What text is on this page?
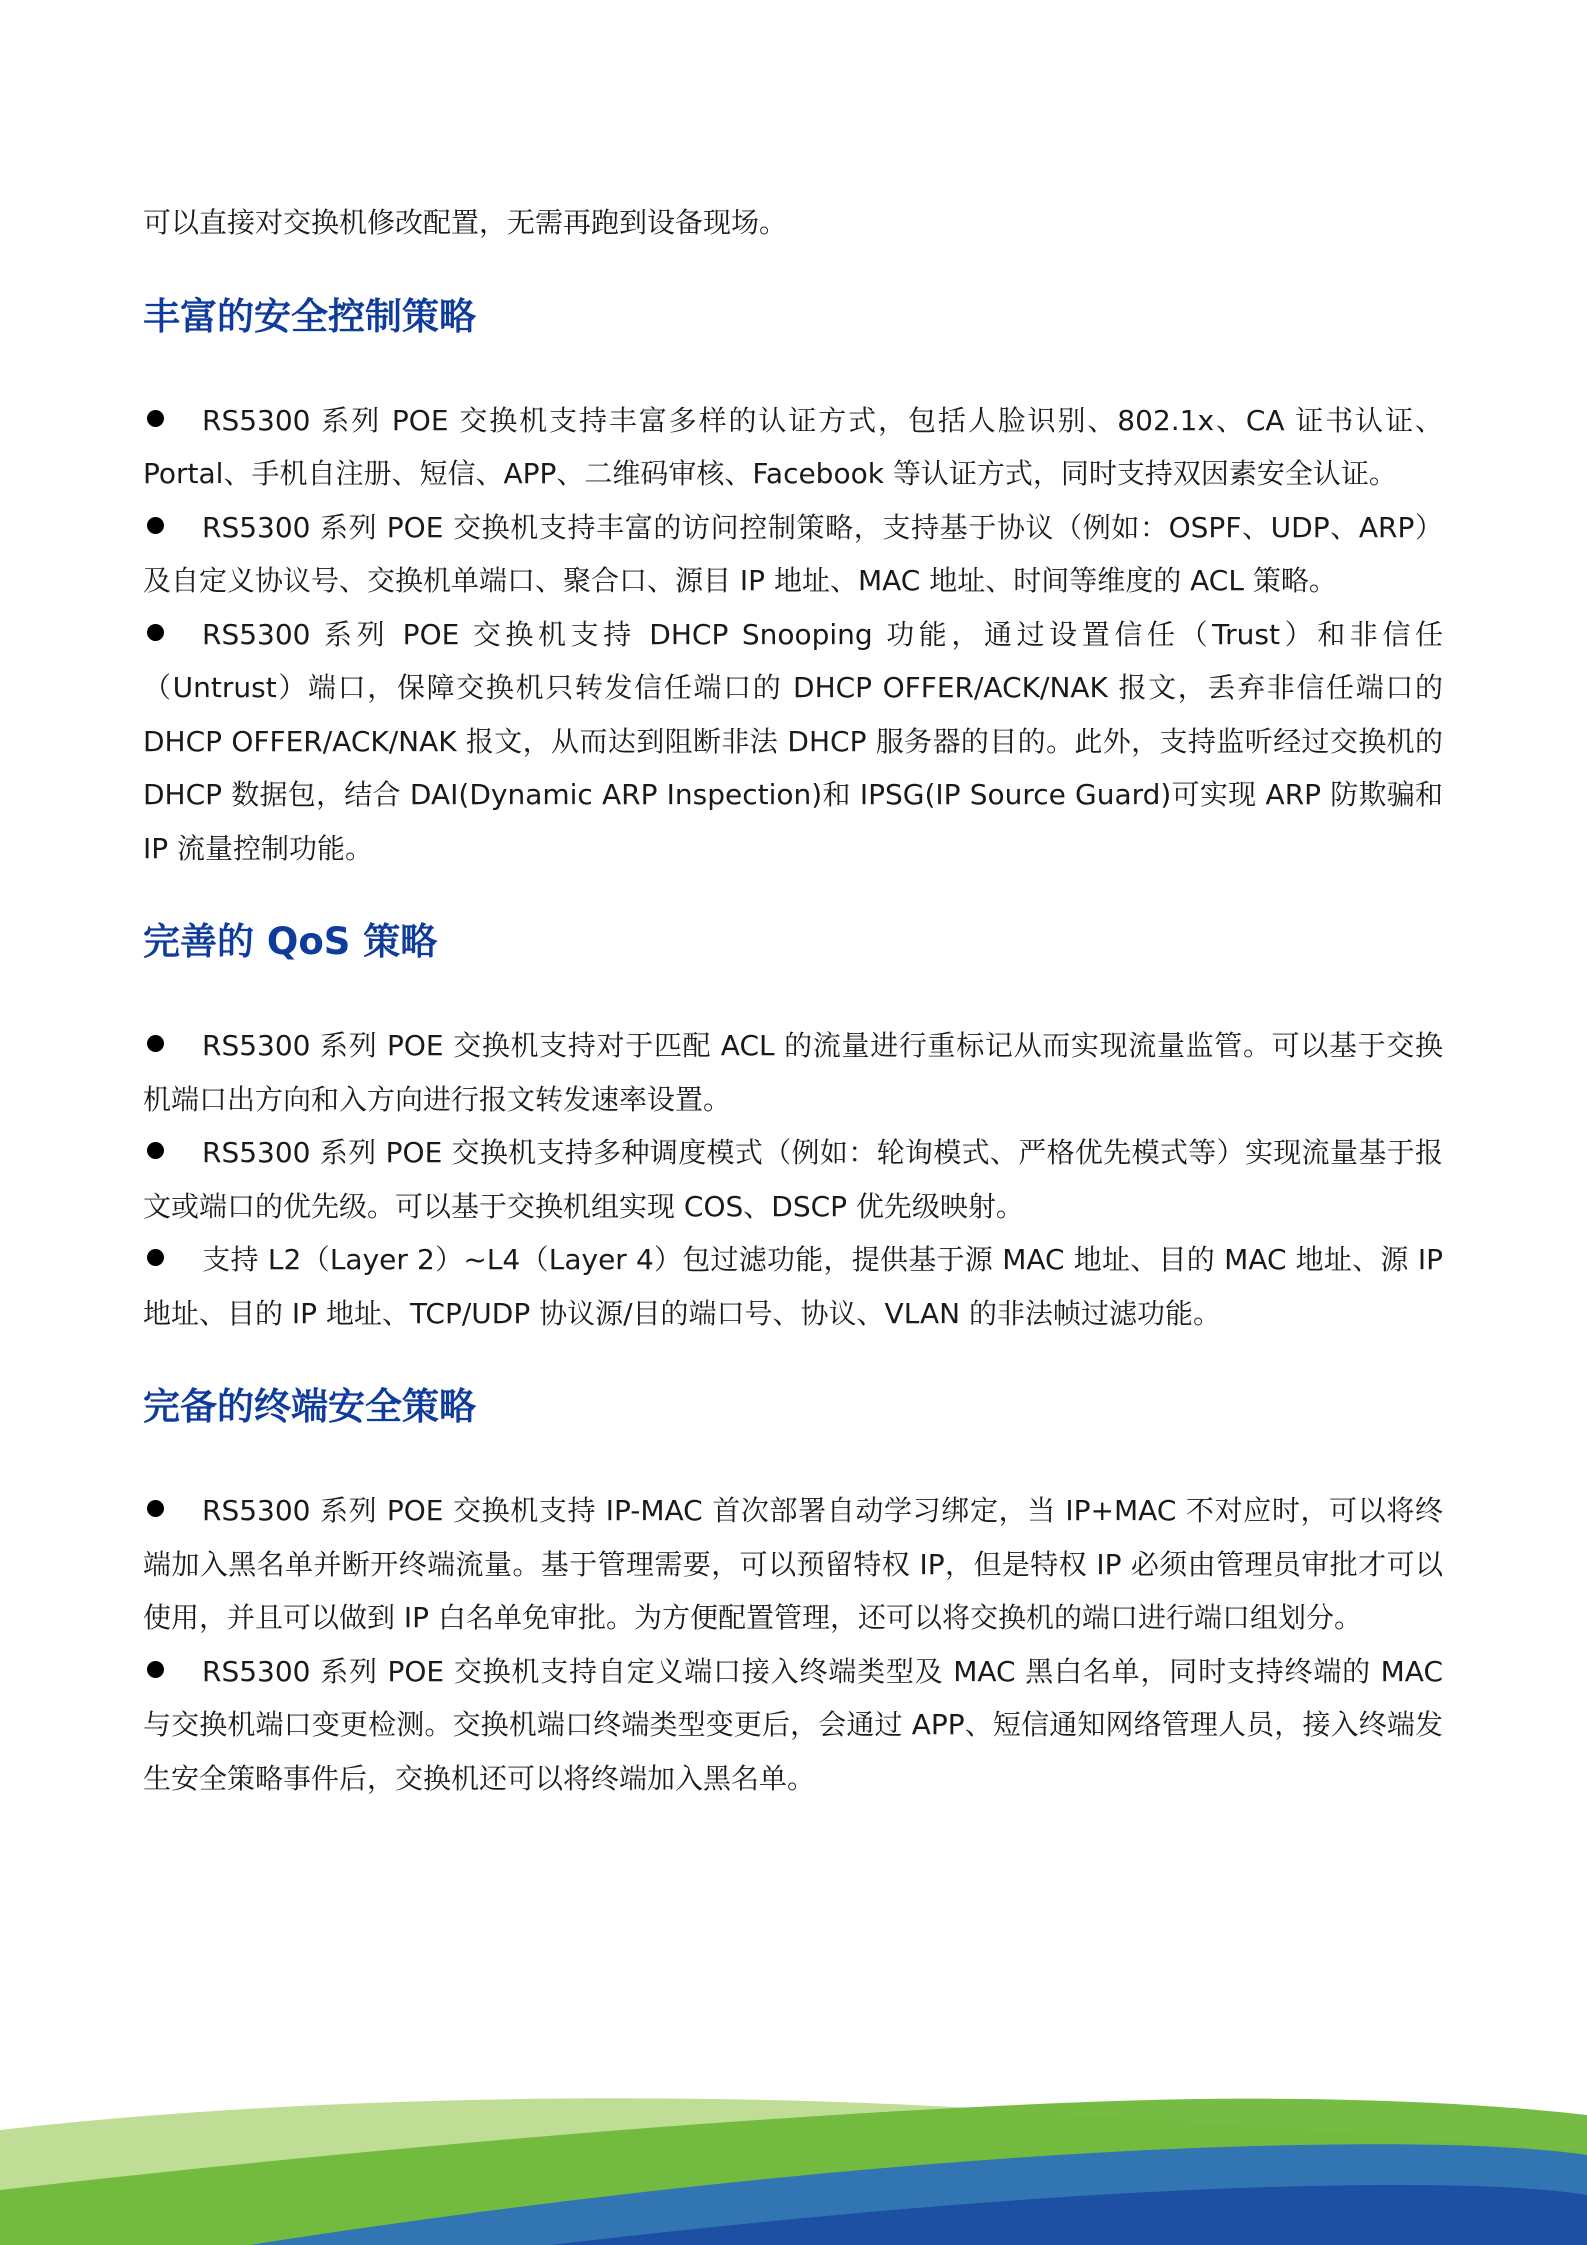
可以直接对交换机修改配置，无需再跑到设备现场。

丰富的安全控制策略

RS5300 系列 POE 交换机支持丰富多样的认证方式，包括人脸识别、802.1x、CA 证书认证、Portal、手机自注册、短信、APP、二维码审核、Facebook 等认证方式，同时支持双因素安全认证。

RS5300 系列 POE 交换机支持丰富的访问控制策略，支持基于协议（例如：OSPF、UDP、ARP）及自定义协议号、交换机单端口、聚合口、源目 IP 地址、MAC 地址、时间等维度的 ACL 策略。

RS5300 系列 POE 交换机支持 DHCP Snooping 功能，通过设置信任（Trust）和非信任（Untrust）端口，保障交换机只转发信任端口的 DHCP OFFER/ACK/NAK 报文，丢弃非信任端口的 DHCP OFFER/ACK/NAK 报文，从而达到阻断非法 DHCP 服务器的目的。此外，支持监听经过交换机的 DHCP 数据包，结合 DAI(Dynamic ARP Inspection)和 IPSG(IP Source Guard)可实现 ARP 防欺骗和 IP 流量控制功能。

完善的 QoS 策略

RS5300 系列 POE 交换机支持对于匹配 ACL 的流量进行重标记从而实现流量监管。可以基于交换机端口出方向和入方向进行报文转发速率设置。

RS5300 系列 POE 交换机支持多种调度模式（例如：轮询模式、严格优先模式等）实现流量基于报文或端口的优先级。可以基于交换机组实现 COS、DSCP 优先级映射。

支持 L2（Layer 2）~L4（Layer 4）包过滤功能，提供基于源 MAC 地址、目的 MAC 地址、源 IP 地址、目的 IP 地址、TCP/UDP 协议源/目的端口号、协议、VLAN 的非法帧过滤功能。

完备的终端安全策略

RS5300 系列 POE 交换机支持 IP-MAC 首次部署自动学习绑定，当 IP+MAC 不对应时，可以将终端加入黑名单并断开终端流量。基于管理需要，可以预留特权 IP，但是特权 IP 必须由管理员审批才可以使用，并且可以做到 IP 白名单免审批。为方便配置管理，还可以将交换机的端口进行端口组划分。

RS5300 系列 POE 交换机支持自定义端口接入终端类型及 MAC 黑白名单，同时支持终端的 MAC 与交换机端口变更检测。交换机端口终端类型变更后，会通过 APP、短信通知网络管理人员，接入终端发生安全策略事件后，交换机还可以将终端加入黑名单。
